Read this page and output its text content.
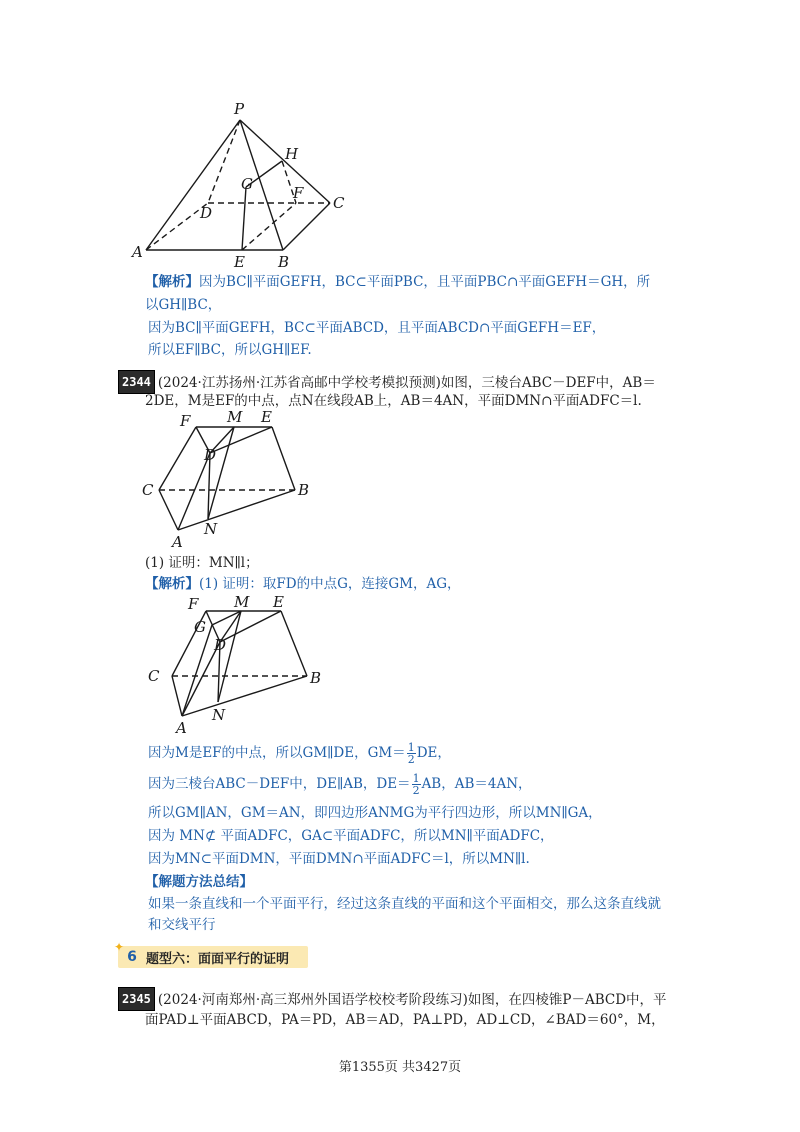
P
H
G	F
D
C
A
E B
【解析】因为BC∥平面GEFH，BC⊂平面PBC，且平面PBC∩平面GEFH＝GH，所
以GH∥BC，
因为BC∥平面GEFH，BC⊂平面ABCD，且平面ABCD∩平面GEFH＝EF，
所以EF∥BC，所以GH∥EF.
2344 (2024·江苏扬州·江苏省高邮中学校考模拟预测)如图，三棱台ABC－DEF中，AB＝
2DE，M是EF的中点，点N在线段AB上，AB＝4AN，平面DMN∩平面ADFC＝l.
F M E
D
C	B
A
N
(1) 证明：MN∥l；
【解析】(1) 证明：取FD的中点G，连接GM，AG，
F M E
G
D
C	B
A
N
因为M是EF的中点，所以GM∥DE，$GM= \frac{1}{2}$ DE，
因为三棱台ABC－DEF中，DE∥AB，$DE= \frac{1}{2}$ AB，AB＝4AN，
所以GM∥AN，GM＝AN，即四边形ANMG为平行四边形，所以MN∥GA，
因为 MN⊄ 平面ADFC，GA⊂平面ADFC，所以MN∥平面ADFC，
因为MN⊂平面DMN，平面DMN∩平面ADFC＝l，所以MN∥l.
【解题方法总结】
如果一条直线和一个平面平行，经过这条直线的平面和这个平面相交，那么这条直线就
和交线平行
✦
6 题型六：面面平行的证明
2345 (2024·河南郑州·高三郑州外国语学校校考阶段练习)如图，在四棱锥P－ABCD中，平
面PAD⊥平面ABCD，PA＝PD，AB＝AD，PA⊥PD，AD⊥CD，∠BAD＝60°，M，
第1355页 共3427页
